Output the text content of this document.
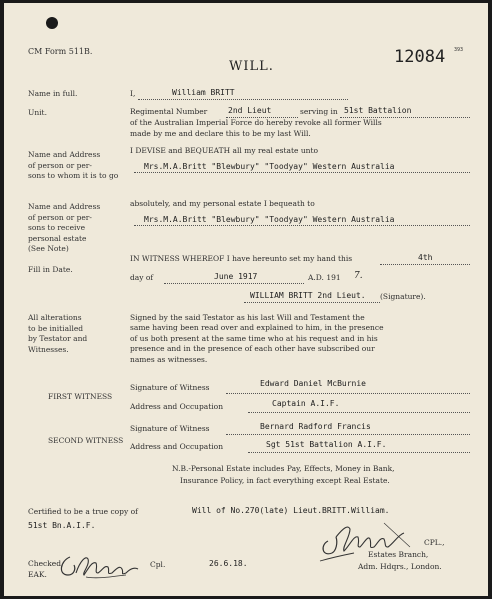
CM Form 511B.
WILL.	12084 393
Name in full.	I,	William BRITT
Unit.	Regimental Number	2nd Lieut	serving in 51st Battalion
of the Australian Imperial Force do hereby revoke all former Wills
made by me and declare this to be my last Will.
Name and Address
of person or per-
sons to whom it is to go
I DEVISE and BEQUEATH all my real estate unto
Mrs.M.A.Britt "Blewbury" "Toodyay" Western Australia
Name and Address
of person or per-
sons to receive
personal estate
(See Note)
absolutely, and my personal estate I bequeath to
Mrs.M.A.Britt "Blewbury" "Toodyay" Western Australia
IN WITNESS WHEREOF I have hereunto set my hand this	4th
Fill in Date.
day of	June 1917	A.D. 191 7.
WILLIAM BRITT 2nd Lieut. (Signature).
All alterations
to be initialled
by Testator and
Witnesses.
Signed by the said Testator as his last Will and Testament the
same having been read over and explained to him, in the presence
of us both present at the same time who at his request and in his
presence and in the presence of each other have subscribed our
names as witnesses.
FIRST WITNESS
Signature of Witness	Edward Daniel McBurnie
Address and Occupation	Captain A.I.F.
SECOND WITNESS
Signature of Witness	Bernard Radford Francis
Address and Occupation	Sgt 51st Battalion A.I.F.
N.B.-Personal Estate includes Pay, Effects, Money in Bank,
Insurance Policy, in fact everything except Real Estate.
Certified to be a true copy of	Will of No.270(late) Lieut.BRITT.William.
51st Bn.A.I.F.
Checked
EAK.
Cpl.	26.6.18.
CPL.,
Estates Branch,
Adm. Hdqrs., London.
